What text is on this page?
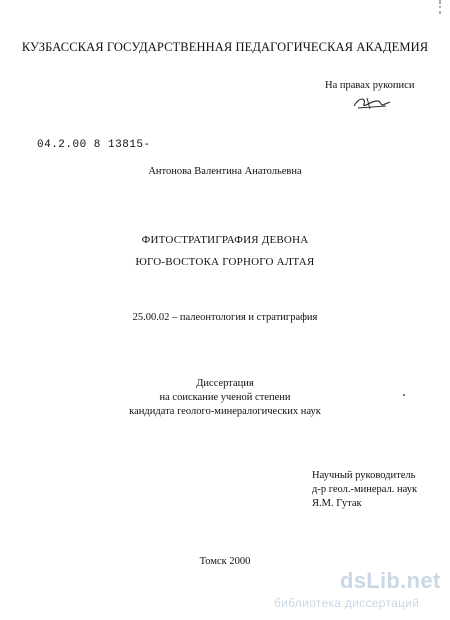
КУЗБАССКАЯ ГОСУДАРСТВЕННАЯ ПЕДАГОГИЧЕСКАЯ АКАДЕМИЯ
На правах рукописи
04.2.00 8 13815-
Антонова Валентина Анатольевна
ФИТОСТРАТИГРАФИЯ ДЕВОНА
ЮГО-ВОСТОКА ГОРНОГО АЛТАЯ
25.00.02 – палеонтология и стратиграфия
Диссертация
на соискание ученой степени
кандидата геолого-минералогических наук
Научный руководитель
д-р геол.-минерал. наук
Я.М. Гутак
Томск 2000
dsLib.net
библиотека диссертаций
